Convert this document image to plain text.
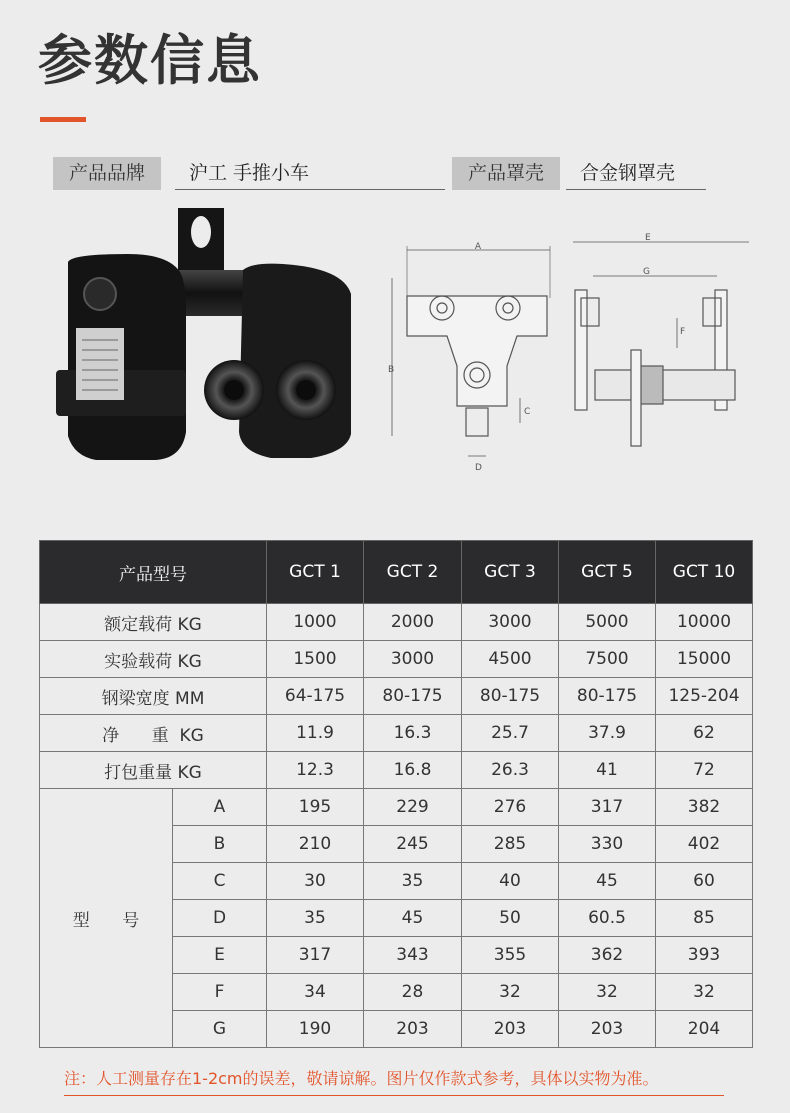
参数信息
产品品牌	沪工 手推小车	产品罩壳	合金钢罩壳
A
B
D
C
E
G
F
产品型号		GCT 1	GCT 2	GCT 3	GCT 5	GCT 10
额定载荷 KG		1000	2000	3000	5000	10000
实验载荷 KG		1500	3000	4500	7500	15000
钢梁宽度 MM		64-175	80-175	80-175	80-175	125-204
净      重  KG		11.9	16.3	25.7	37.9	62
打包重量 KG		12.3	16.8	26.3	41	72
型      号	A	195	229	276	317	382
	B	210	245	285	330	402
	C	30	35	40	45	60
	D	35	45	50	60.5	85
	E	317	343	355	362	393
	F	34	28	32	32	32
	G	190	203	203	203	204
注：人工测量存在1-2cm的误差，敬请谅解。图片仅作款式参考，具体以实物为准。
